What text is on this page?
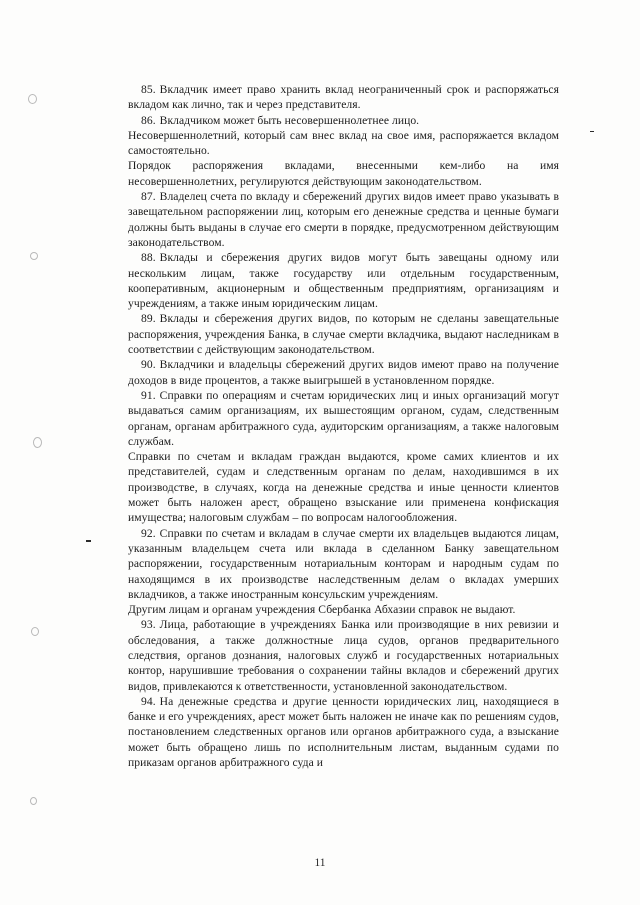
85. Вкладчик имеет право хранить вклад неограниченный срок и распоряжаться вкладом как лично, так и через представителя.

86. Вкладчиком может быть несовершеннолетнее лицо.

Несовершеннолетний, который сам внес вклад на свое имя, распоряжается вкладом самостоятельно.

Порядок распоряжения вкладами, внесенными кем-либо на имя несовершеннолетних, регулируются действующим законодательством.

87. Владелец счета по вкладу и сбережений других видов имеет право указывать в завещательном распоряжении лиц, которым его денежные средства и ценные бумаги должны быть выданы в случае его смерти в порядке, предусмотренном действующим законодательством.

88. Вклады и сбережения других видов могут быть завещаны одному или нескольким лицам, также государству или отдельным государственным, кооперативным, акционерным и общественным предприятиям, организациям и учреждениям, а также иным юридическим лицам.

89. Вклады и сбережения других видов, по которым не сделаны завещательные распоряжения, учреждения Банка, в случае смерти вкладчика, выдают наследникам в соответствии с действующим законодательством.

90. Вкладчики и владельцы сбережений других видов имеют право на получение доходов в виде процентов, а также выигрышей в установленном порядке.

91. Справки по операциям и счетам юридических лиц и иных организаций могут выдаваться самим организациям, их вышестоящим органом, судам, следственным органам, органам арбитражного суда, аудиторским организациям, а также налоговым службам.

Справки по счетам и вкладам граждан выдаются, кроме самих клиентов и их представителей, судам и следственным органам по делам, находившимся в их производстве, в случаях, когда на денежные средства и иные ценности клиентов может быть наложен арест, обращено взыскание или применена конфискация имущества; налоговым службам – по вопросам налогообложения.

92. Справки по счетам и вкладам в случае смерти их владельцев выдаются лицам, указанным владельцем счета или вклада в сделанном Банку завещательном распоряжении, государственным нотариальным конторам и народным судам по находящимся в их производстве наследственным делам о вкладах умерших вкладчиков, а также иностранным консульским учреждениям.

Другим лицам и органам учреждения Сбербанка Абхазии справок не выдают.

93. Лица, работающие в учреждениях Банка или производящие в них ревизии и обследования, а также должностные лица судов, органов предварительного следствия, органов дознания, налоговых служб и государственных нотариальных контор, нарушившие требования о сохранении тайны вкладов и сбережений других видов, привлекаются к ответственности, установленной законодательством.

94. На денежные средства и другие ценности юридических лиц, находящиеся в банке и его учреждениях, арест может быть наложен не иначе как по решениям судов, постановлением следственных органов или органов арбитражного суда, а взыскание может быть обращено лишь по исполнительным листам, выданным судами по приказам органов арбитражного суда и

11
